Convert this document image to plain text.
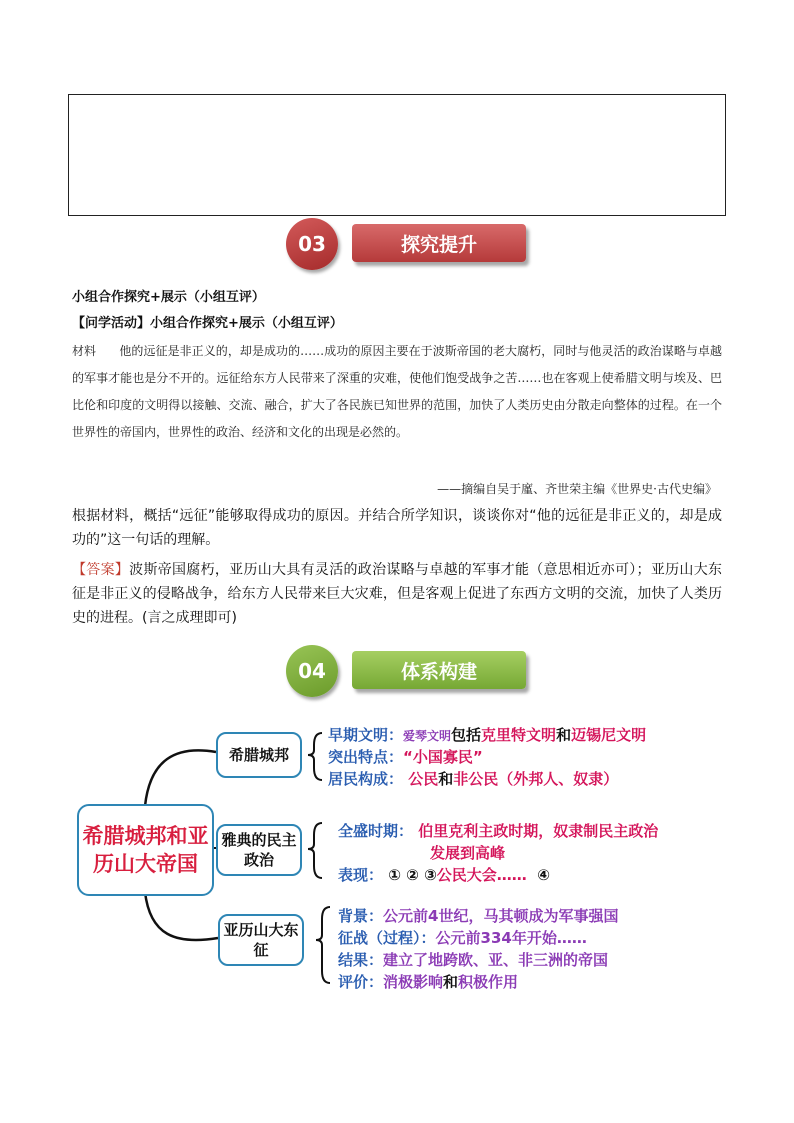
03	探究提升
小组合作探究+展示（小组互评）
【问学活动】小组合作探究+展示（小组互评）
材料 他的远征是非正义的，却是成功的……成功的原因主要在于波斯帝国的老大腐朽，同时与他灵活的政治谋略与卓越的军事才能也是分不开的。远征给东方人民带来了深重的灾难，使他们饱受战争之苦……也在客观上使希腊文明与埃及、巴比伦和印度的文明得以接触、交流、融合，扩大了各民族已知世界的范围，加快了人类历史由分散走向整体的过程。在一个世界性的帝国内，世界性的政治、经济和文化的出现是必然的。
——摘编自吴于廑、齐世荣主编《世界史·古代史编》
根据材料，概括“远征”能够取得成功的原因。并结合所学知识，谈谈你对“他的远征是非正义的，却是成功的”这一句话的理解。
【答案】波斯帝国腐朽，亚历山大具有灵活的政治谋略与卓越的军事才能（意思相近亦可）；亚历山大东征是非正义的侵略战争，给东方人民带来巨大灾难，但是客观上促进了东西方文明的交流，加快了人类历史的进程。(言之成理即可)
04	体系构建
希腊城邦和亚历山大帝国
希腊城邦
雅典的民主政治
亚历山大东征
早期文明：爱琴文明包括克里特文明和迈锡尼文明
突出特点：“小国寡民”
居民构成： 公民和非公民（外邦人、奴隶）
全盛时期： 伯里克利主政时期，奴隶制民主政治
发展到高峰
表现： ① ② ③公民大会…… ④
背景：公元前4世纪，马其顿成为军事强国
征战（过程）：公元前334年开始……
结果：建立了地跨欧、亚、非三洲的帝国
评价：消极影响和积极作用
